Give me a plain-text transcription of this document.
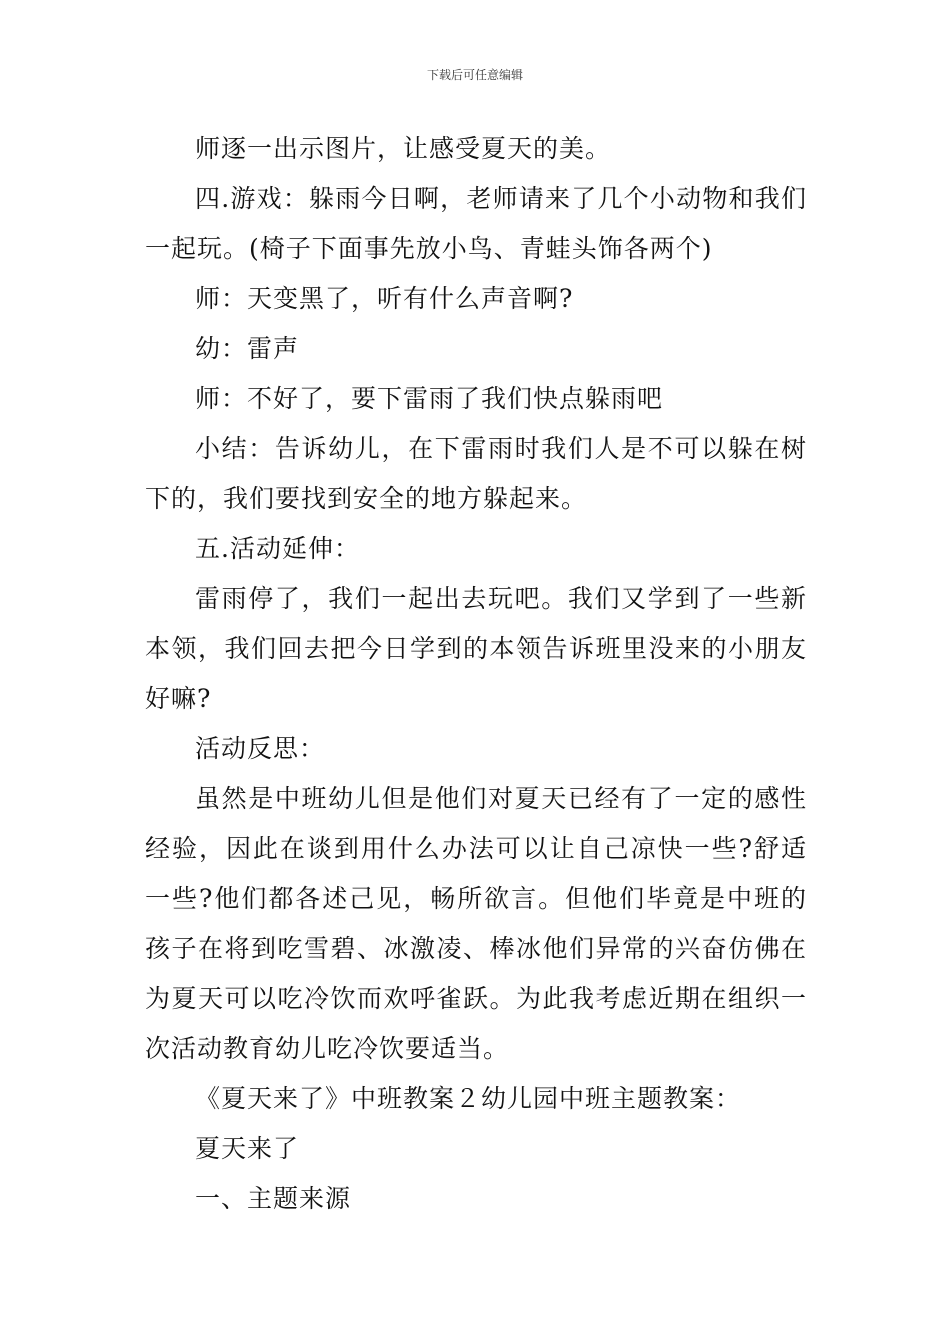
下载后可任意编辑

师逐一出示图片，让感受夏天的美。

四.游戏：躲雨今日啊，老师请来了几个小动物和我们一起玩。(椅子下面事先放小鸟、青蛙头饰各两个)

师：天变黑了，听有什么声音啊?

幼：雷声

师：不好了，要下雷雨了我们快点躲雨吧

小结：告诉幼儿，在下雷雨时我们人是不可以躲在树下的，我们要找到安全的地方躲起来。

五.活动延伸：

雷雨停了，我们一起出去玩吧。我们又学到了一些新本领，我们回去把今日学到的本领告诉班里没来的小朋友好嘛?

活动反思：

虽然是中班幼儿但是他们对夏天已经有了一定的感性经验，因此在谈到用什么办法可以让自己凉快一些?舒适一些?他们都各述己见，畅所欲言。但他们毕竟是中班的孩子在将到吃雪碧、冰激凌、棒冰他们异常的兴奋仿佛在为夏天可以吃冷饮而欢呼雀跃。为此我考虑近期在组织一次活动教育幼儿吃冷饮要适当。

《夏天来了》中班教案２幼儿园中班主题教案：

夏天来了

一、主题来源
